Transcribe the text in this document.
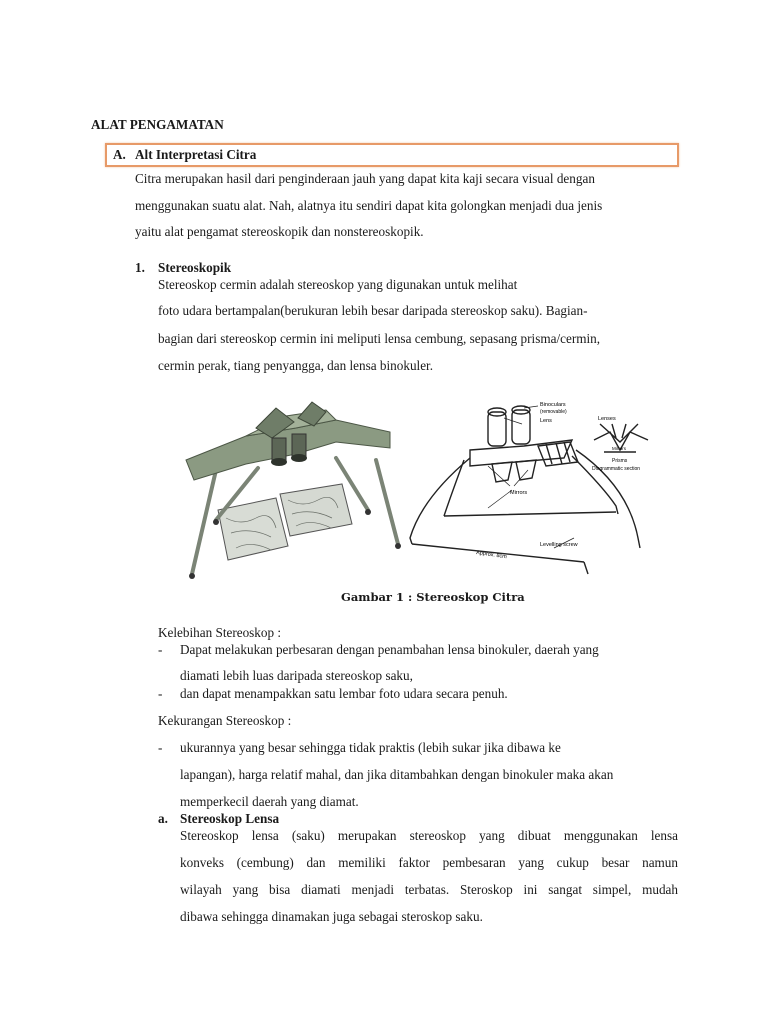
ALAT PENGAMATAN
A. Alt Interpretasi Citra
Citra merupakan hasil dari penginderaan jauh yang dapat kita kaji secara visual dengan
menggunakan suatu alat. Nah, alatnya itu sendiri dapat kita golongkan menjadi dua jenis
yaitu alat pengamat stereoskopik dan nonstereoskopik.
1. Stereoskopik
Stereoskop cermin adalah stereoskop yang digunakan untuk melihat
foto udara bertampalan(berukuran lebih besar daripada stereoskop saku). Bagian-
bagian dari stereoskop cermin ini meliputi lensa cembung, sepasang prisma/cermin,
cermin perak, tiang penyangga, dan lensa binokuler.
Binoculars
(removable)
Lens
Mirrors
Levelling screw
Approx. 8cm
Lenses
Mirrors
Prisms
Diagrammatic section
Gambar 1 : Stereoskop Citra
Kelebihan Stereoskop :
- Dapat melakukan perbesaran dengan penambahan lensa binokuler, daerah yang
diamati lebih luas daripada stereoskop saku,
- dan dapat menampakkan satu lembar foto udara secara penuh.
Kekurangan Stereoskop :
- ukurannya yang besar sehingga tidak praktis (lebih sukar jika dibawa ke
lapangan), harga relatif mahal, dan jika ditambahkan dengan binokuler maka akan
memperkecil daerah yang diamat.
a. Stereoskop Lensa
Stereoskop lensa (saku) merupakan stereoskop yang dibuat menggunakan lensa
konveks (cembung) dan memiliki faktor pembesaran yang cukup besar namun
wilayah yang bisa diamati menjadi terbatas. Steroskop ini sangat simpel, mudah
dibawa sehingga dinamakan juga sebagai steroskop saku.
